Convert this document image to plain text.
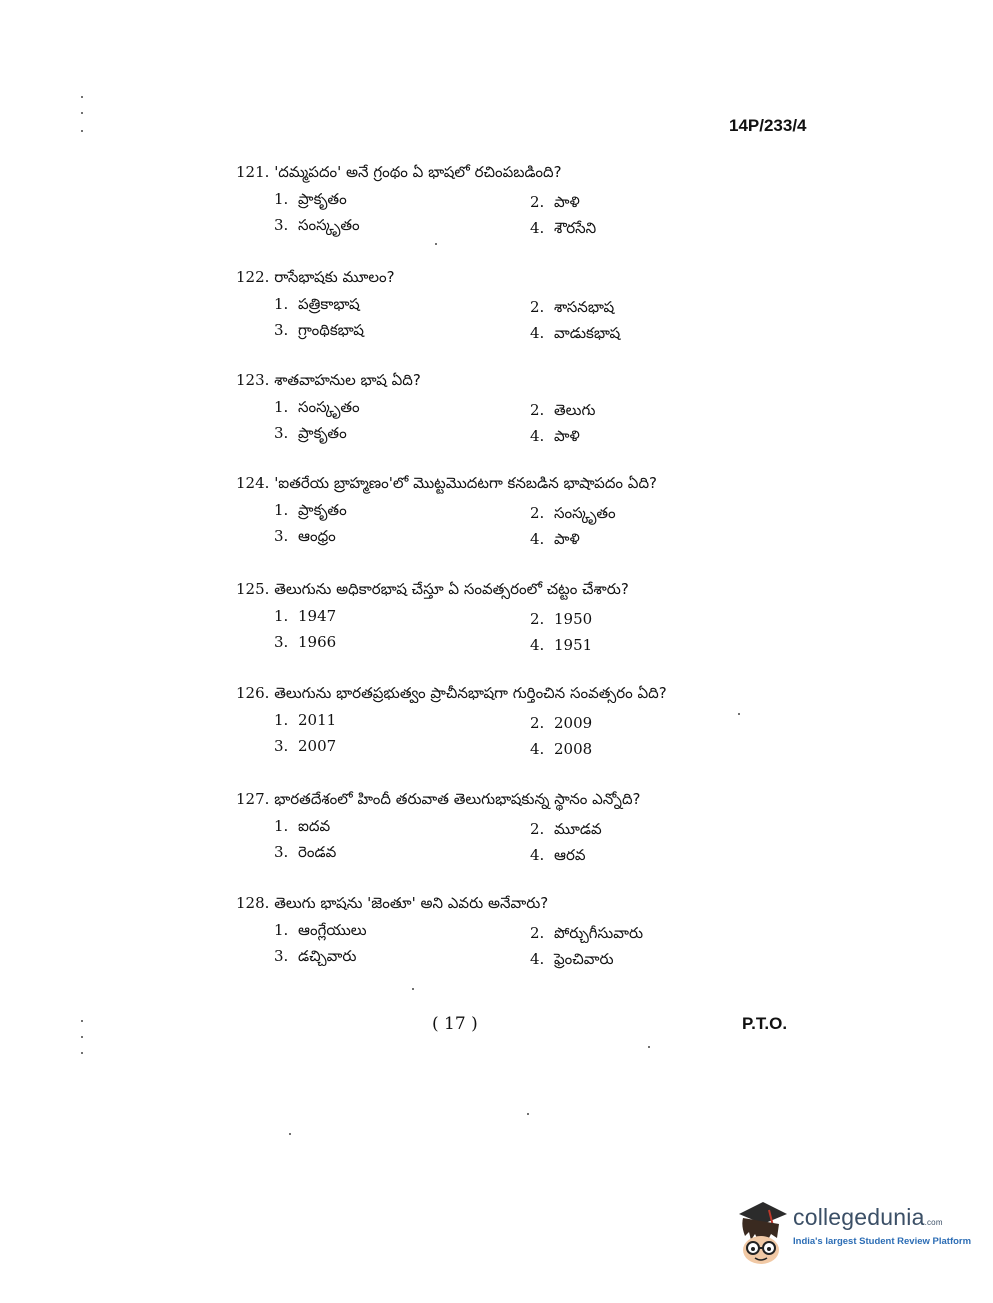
14P/233/4
121. 'దమ్మపదం' అనే గ్రంథం ఏ భాషలో రచింపబడింది?
1. ప్రాకృతం	2. పాళి
3. సంస్కృతం	4. శౌరసేని
122. రాసేభాషకు మూలం?
1. పత్రికాభాష	2. శాసనభాష
3. గ్రాంథికభాష	4. వాడుకభాష
123. శాతవాహనుల భాష ఏది?
1. సంస్కృతం	2. తెలుగు
3. ప్రాకృతం	4. పాళి
124. 'ఐతరేయ బ్రాహ్మణం'లో మొట్టమొదటగా కనబడిన భాషాపదం ఏది?
1. ప్రాకృతం	2. సంస్కృతం
3. ఆంధ్రం	4. పాళి
125. తెలుగును అధికారభాష చేస్తూ ఏ సంవత్సరంలో చట్టం చేశారు?
1. 1947	2. 1950
3. 1966	4. 1951
126. తెలుగును భారతప్రభుత్వం ప్రాచీనభాషగా గుర్తించిన సంవత్సరం ఏది?
1. 2011	2. 2009
3. 2007	4. 2008
127. భారతదేశంలో హిందీ తరువాత తెలుగుభాషకున్న స్థానం ఎన్నోది?
1. ఐదవ	2. మూడవ
3. రెండవ	4. ఆరవ
128. తెలుగు భాషను 'జెంతూ' అని ఎవరు అనేవారు?
1. ఆంగ్లేయులు	2. పోర్చుగీసువారు
3. డచ్చివారు	4. ఫ్రెంచివారు
( 17 )	P.T.O.
collegedunia.com
India's largest Student Review Platform
